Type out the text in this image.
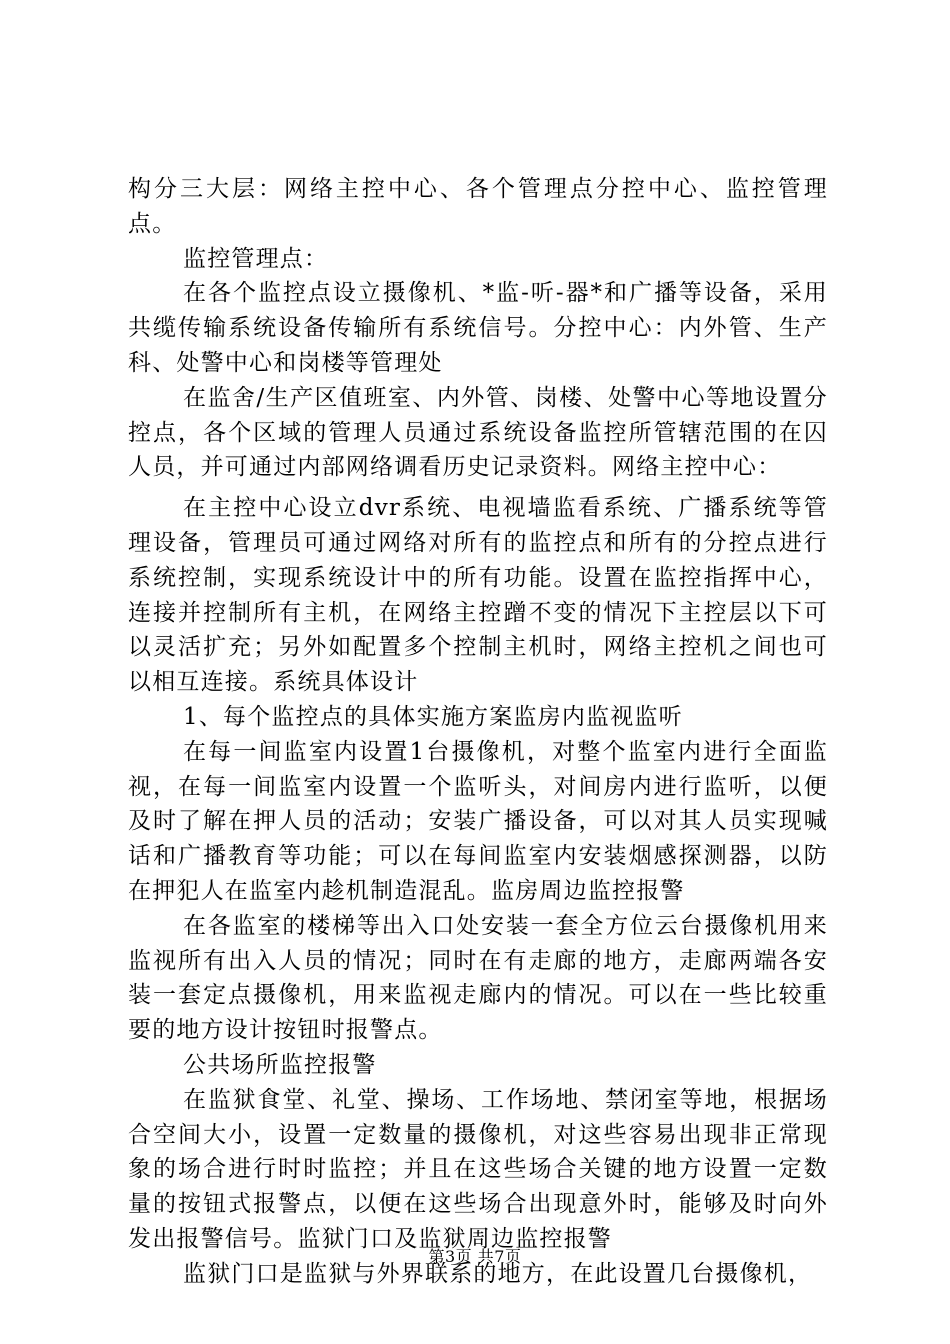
构分三大层：网络主控中心、各个管理点分控中心、监控管理点。

监控管理点：

在各个监控点设立摄像机、*监-听-器*和广播等设备，采用共缆传输系统设备传输所有系统信号。分控中心：内外管、生产科、处警中心和岗楼等管理处

在监舍/生产区值班室、内外管、岗楼、处警中心等地设置分控点，各个区域的管理人员通过系统设备监控所管辖范围的在囚人员，并可通过内部网络调看历史记录资料。网络主控中心：

在主控中心设立dvr系统、电视墙监看系统、广播系统等管理设备，管理员可通过网络对所有的监控点和所有的分控点进行系统控制，实现系统设计中的所有功能。设置在监控指挥中心，连接并控制所有主机，在网络主控蹭不变的情况下主控层以下可以灵活扩充；另外如配置多个控制主机时，网络主控机之间也可以相互连接。系统具体设计

1、每个监控点的具体实施方案监房内监视监听

在每一间监室内设置1台摄像机，对整个监室内进行全面监视，在每一间监室内设置一个监听头，对间房内进行监听，以便及时了解在押人员的活动；安装广播设备，可以对其人员实现喊话和广播教育等功能；可以在每间监室内安装烟感探测器，以防在押犯人在监室内趁机制造混乱。监房周边监控报警

在各监室的楼梯等出入口处安装一套全方位云台摄像机用来监视所有出入人员的情况；同时在有走廊的地方，走廊两端各安装一套定点摄像机，用来监视走廊内的情况。可以在一些比较重要的地方设计按钮时报警点。

公共场所监控报警

在监狱食堂、礼堂、操场、工作场地、禁闭室等地，根据场合空间大小，设置一定数量的摄像机，对这些容易出现非正常现象的场合进行时时监控；并且在这些场合关键的地方设置一定数量的按钮式报警点，以便在这些场合出现意外时，能够及时向外发出报警信号。监狱门口及监狱周边监控报警

监狱门口是监狱与外界联系的地方，在此设置几台摄像机，

第3页 共7页
